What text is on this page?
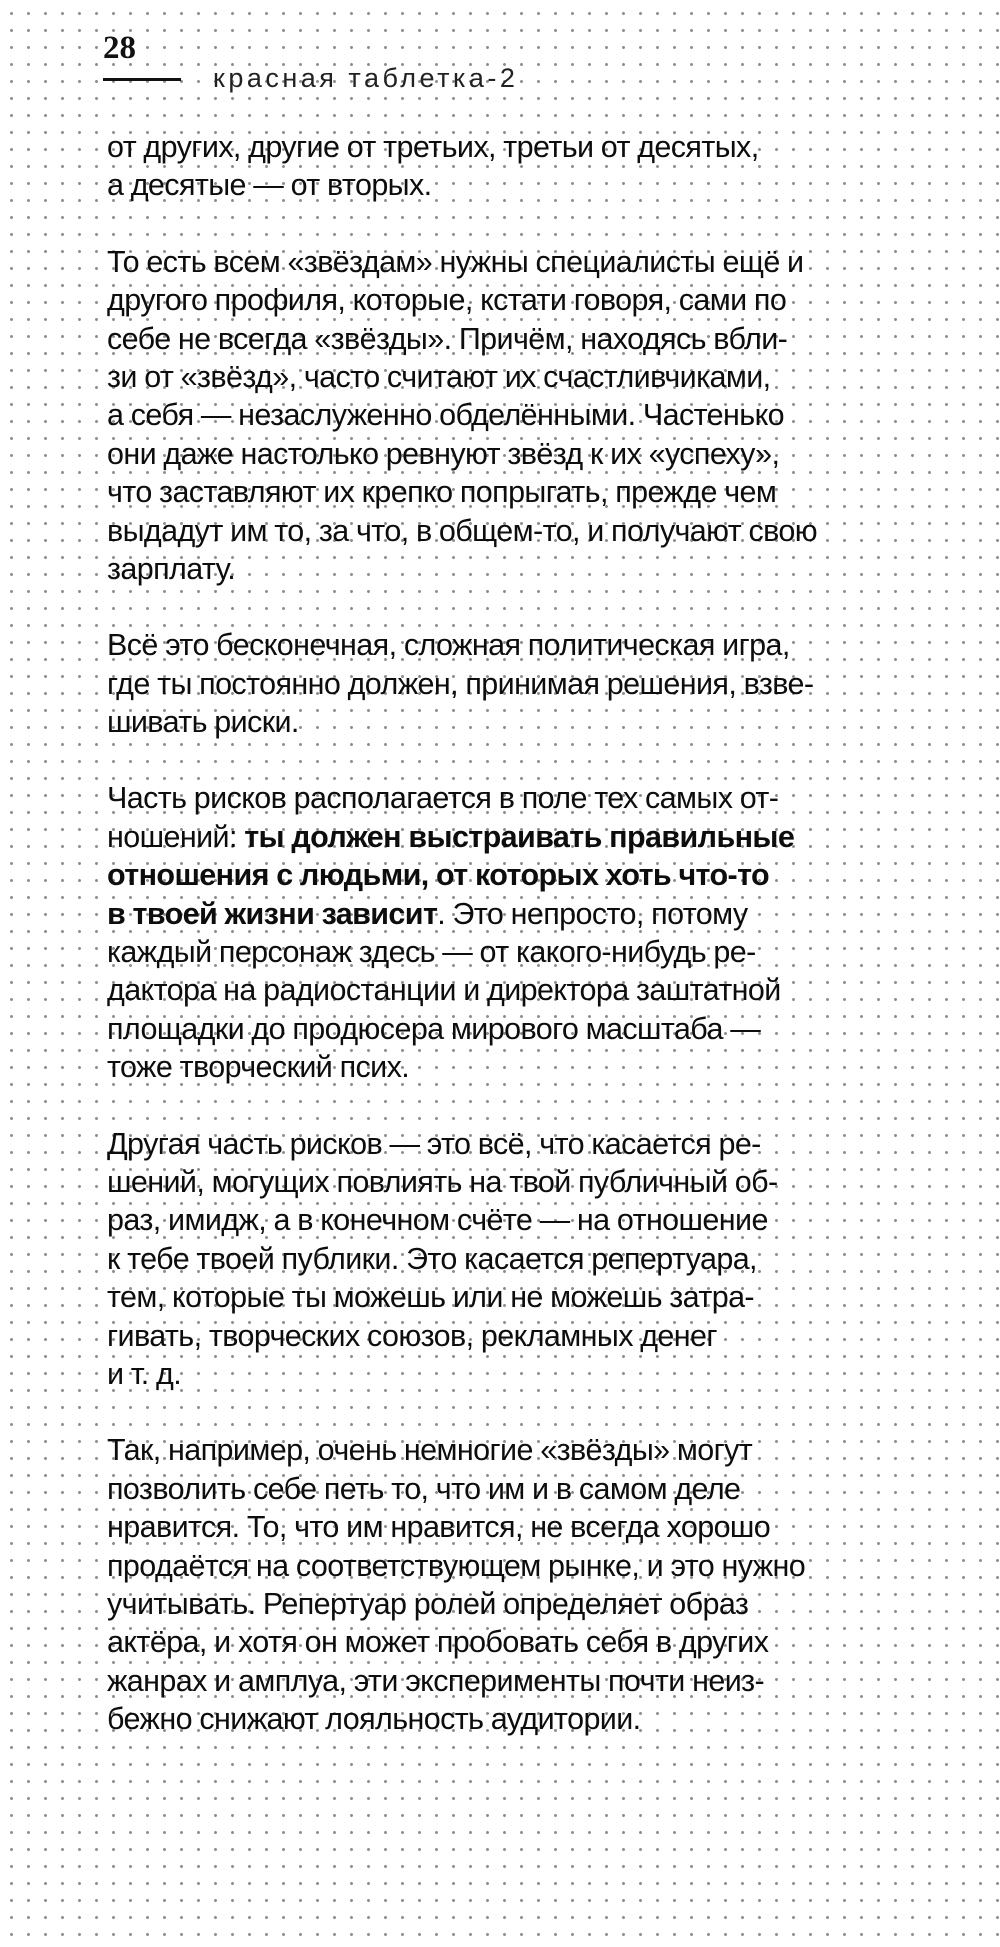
28
красная таблетка-2

от других, другие от третьих, третьи от десятых,
а десятые — от вторых.

То есть всем «звёздам» нужны специалисты ещё и
другого профиля, которые, кстати говоря, сами по
себе не всегда «звёзды». Причём, находясь вбли-
зи от «звёзд», часто считают их счастливчиками,
а себя — незаслуженно обделёнными. Частенько
они даже настолько ревнуют звёзд к их «успеху»,
что заставляют их крепко попрыгать, прежде чем
выдадут им то, за что, в общем-то, и получают свою
зарплату.

Всё это бесконечная, сложная политическая игра,
где ты постоянно должен, принимая решения, взве-
шивать риски.

Часть рисков располагается в поле тех самых от-
ношений: ты должен выстраивать правильные
отношения с людьми, от которых хоть что-то
в твоей жизни зависит. Это непросто, потому
каждый персонаж здесь — от какого-нибудь ре-
дактора на радиостанции и директора заштатной
площадки до продюсера мирового масштаба —
тоже творческий псих.

Другая часть рисков — это всё, что касается ре-
шений, могущих повлиять на твой публичный об-
раз, имидж, а в конечном счёте — на отношение
к тебе твоей публики. Это касается репертуара,
тем, которые ты можешь или не можешь затра-
гивать, творческих союзов, рекламных денег
и т. д.

Так, например, очень немногие «звёзды» могут
позволить себе петь то, что им и в самом деле
нравится. То, что им нравится, не всегда хорошо
продаётся на соответствующем рынке, и это нужно
учитывать. Репертуар ролей определяет образ
актёра, и хотя он может пробовать себя в других
жанрах и амплуа, эти эксперименты почти неиз-
бежно снижают лояльность аудитории.
